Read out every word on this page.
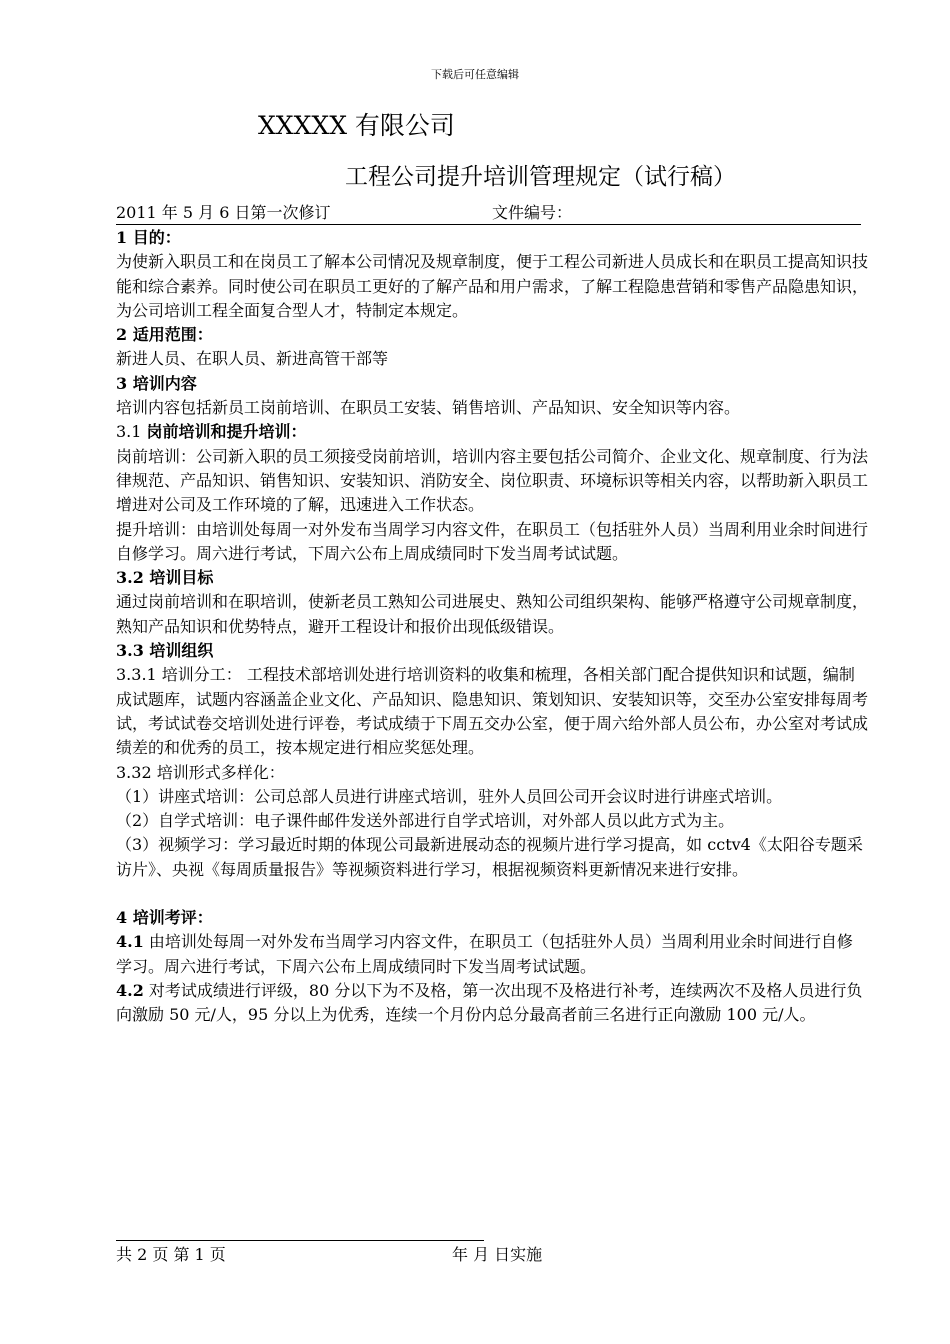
下载后可任意编辑
XXXXX 有限公司
工程公司提升培训管理规定（试行稿）
2011 年 5 月 6 日第一次修订	文件编号：

1 目的：

为使新入职员工和在岗员工了解本公司情况及规章制度，便于工程公司新进人员成长和在职员工提高知识技能和综合素养。同时使公司在职员工更好的了解产品和用户需求，了解工程隐患营销和零售产品隐患知识，为公司培训工程全面复合型人才，特制定本规定。

2 适用范围：

新进人员、在职人员、新进高管干部等

3 培训内容

培训内容包括新员工岗前培训、在职员工安装、销售培训、产品知识、安全知识等内容。

3.1 岗前培训和提升培训：

岗前培训：公司新入职的员工须接受岗前培训，培训内容主要包括公司简介、企业文化、规章制度、行为法律规范、产品知识、销售知识、安装知识、消防安全、岗位职责、环境标识等相关内容，以帮助新入职员工增进对公司及工作环境的了解，迅速进入工作状态。

提升培训：由培训处每周一对外发布当周学习内容文件，在职员工（包括驻外人员）当周利用业余时间进行自修学习。周六进行考试，下周六公布上周成绩同时下发当周考试试题。

3.2 培训目标

通过岗前培训和在职培训，使新老员工熟知公司进展史、熟知公司组织架构、能够严格遵守公司规章制度，熟知产品知识和优势特点，避开工程设计和报价出现低级错误。

3.3 培训组织

3.3.1 培训分工： 工程技术部培训处进行培训资料的收集和梳理，各相关部门配合提供知识和试题，编制成试题库，试题内容涵盖企业文化、产品知识、隐患知识、策划知识、安装知识等，交至办公室安排每周考试，考试试卷交培训处进行评卷，考试成绩于下周五交办公室，便于周六给外部人员公布，办公室对考试成绩差的和优秀的员工，按本规定进行相应奖惩处理。

3.32 培训形式多样化：

（1）讲座式培训：公司总部人员进行讲座式培训，驻外人员回公司开会议时进行讲座式培训。

（2）自学式培训：电子课件邮件发送外部进行自学式培训，对外部人员以此方式为主。

（3）视频学习：学习最近时期的体现公司最新进展动态的视频片进行学习提高，如 cctv4《太阳谷专题采访片》、央视《每周质量报告》等视频资料进行学习，根据视频资料更新情况来进行安排。

4 培训考评：

4.1 由培训处每周一对外发布当周学习内容文件，在职员工（包括驻外人员）当周利用业余时间进行自修学习。周六进行考试，下周六公布上周成绩同时下发当周考试试题。

4.2 对考试成绩进行评级，80 分以下为不及格，第一次出现不及格进行补考，连续两次不及格人员进行负向激励 50 元/人，95 分以上为优秀，连续一个月份内总分最高者前三名进行正向激励 100 元/人。

共 2 页 第 1 页	年 月 日实施
